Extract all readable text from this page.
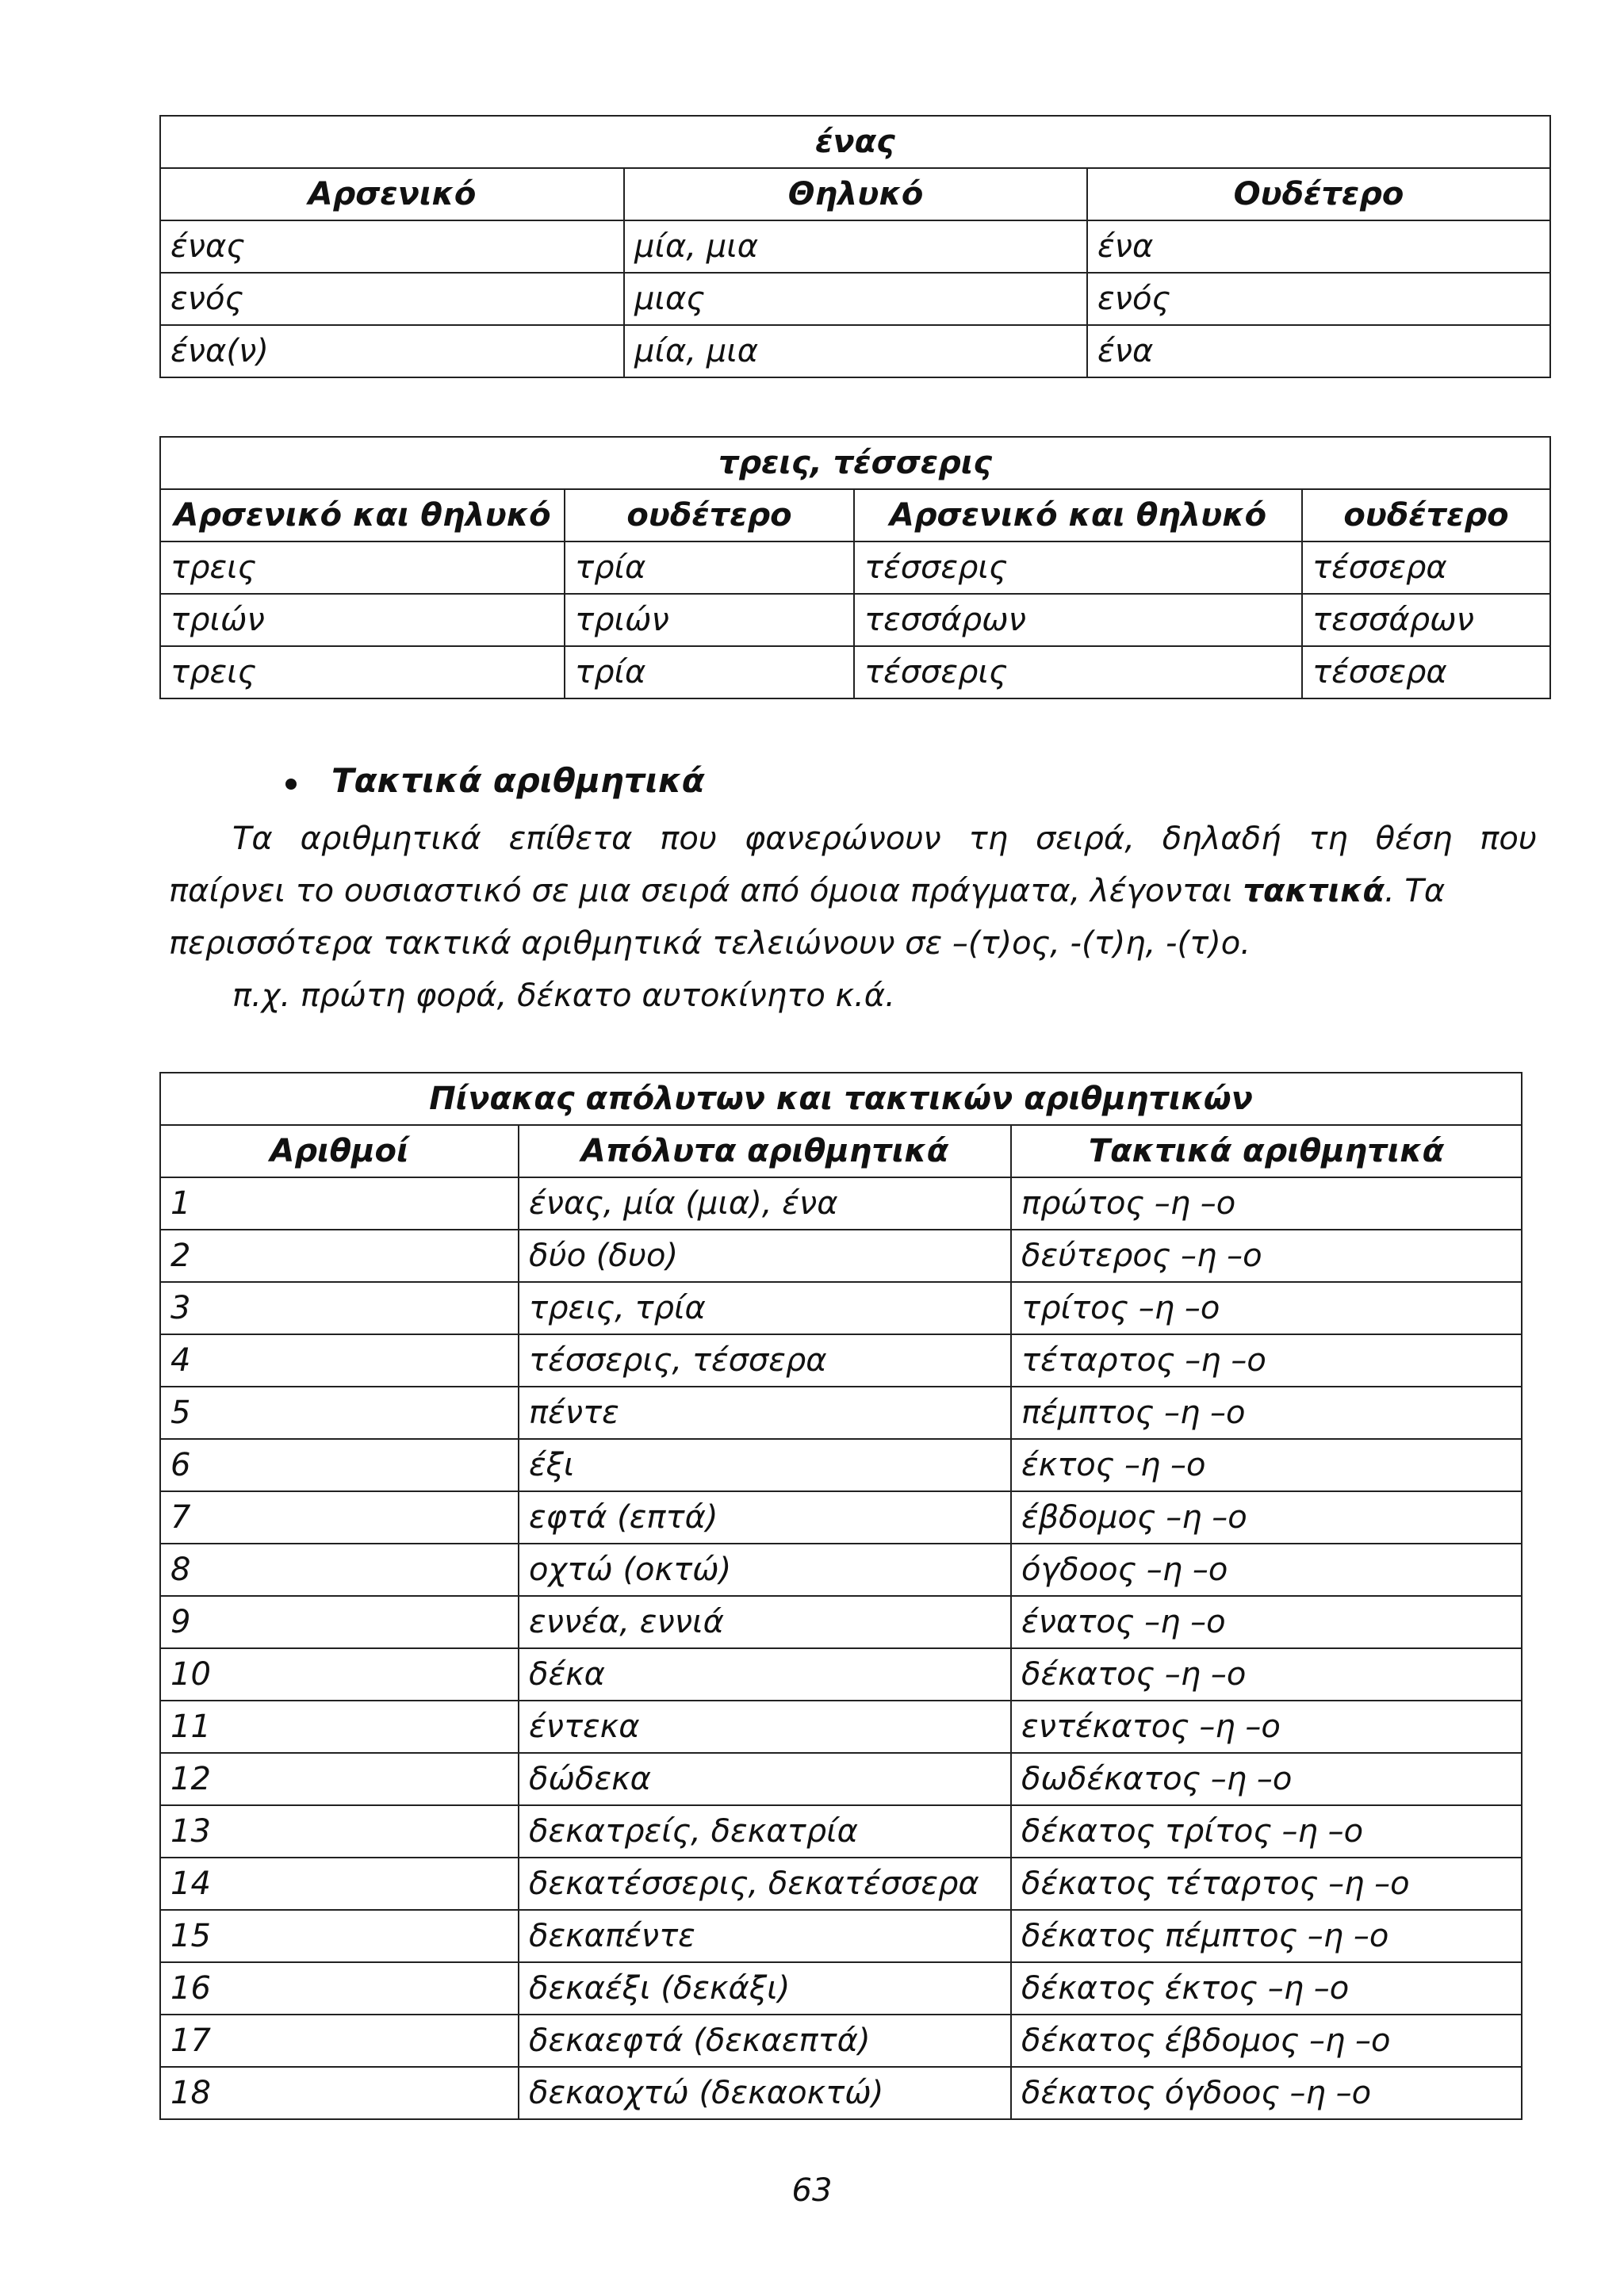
ένας		
Αρσενικό	Θηλυκό	Ουδέτερο
ένας	μία, μια	ένα
ενός	μιας	ενός
ένα(ν)	μία, μια	ένα
τρεις, τέσσερις			
Αρσενικό και θηλυκό	ουδέτερο	Αρσενικό και θηλυκό	ουδέτερο
τρεις	τρία	τέσσερις	τέσσερα
τριών	τριών	τεσσάρων	τεσσάρων
τρεις	τρία	τέσσερις	τέσσερα
Τακτικά αριθμητικά
Τα αριθμητικά επίθετα που φανερώνουν τη σειρά, δηλαδή τη θέση που
παίρνει το ουσιαστικό σε μια σειρά από όμοια πράγματα, λέγονται τακτικά. Τα
περισσότερα τακτικά αριθμητικά τελειώνουν σε –(τ)ος, -(τ)η, -(τ)ο.
π.χ. πρώτη φορά, δέκατο αυτοκίνητο κ.ά.
Πίνακας απόλυτων και τακτικών αριθμητικών		
Αριθμοί	Απόλυτα αριθμητικά	Τακτικά αριθμητικά
1	ένας, μία (μια), ένα	πρώτος –η –ο
2	δύο (δυο)	δεύτερος –η –ο
3	τρεις, τρία	τρίτος –η –ο
4	τέσσερις, τέσσερα	τέταρτος –η –ο
5	πέντε	πέμπτος –η –ο
6	έξι	έκτος –η –ο
7	εφτά (επτά)	έβδομος –η –ο
8	οχτώ (οκτώ)	όγδοος –η –ο
9	εννέα, εννιά	ένατος –η –ο
10	δέκα	δέκατος –η –ο
11	έντεκα	εντέκατος –η –ο
12	δώδεκα	δωδέκατος –η –ο
13	δεκατρείς, δεκατρία	δέκατος τρίτος –η –ο
14	δεκατέσσερις, δεκατέσσερα	δέκατος τέταρτος –η –ο
15	δεκαπέντε	δέκατος πέμπτος –η –ο
16	δεκαέξι (δεκάξι)	δέκατος έκτος –η –ο
17	δεκαεφτά (δεκαεπτά)	δέκατος έβδομος –η –ο
18	δεκαοχτώ (δεκαοκτώ)	δέκατος όγδοος –η –ο
63
